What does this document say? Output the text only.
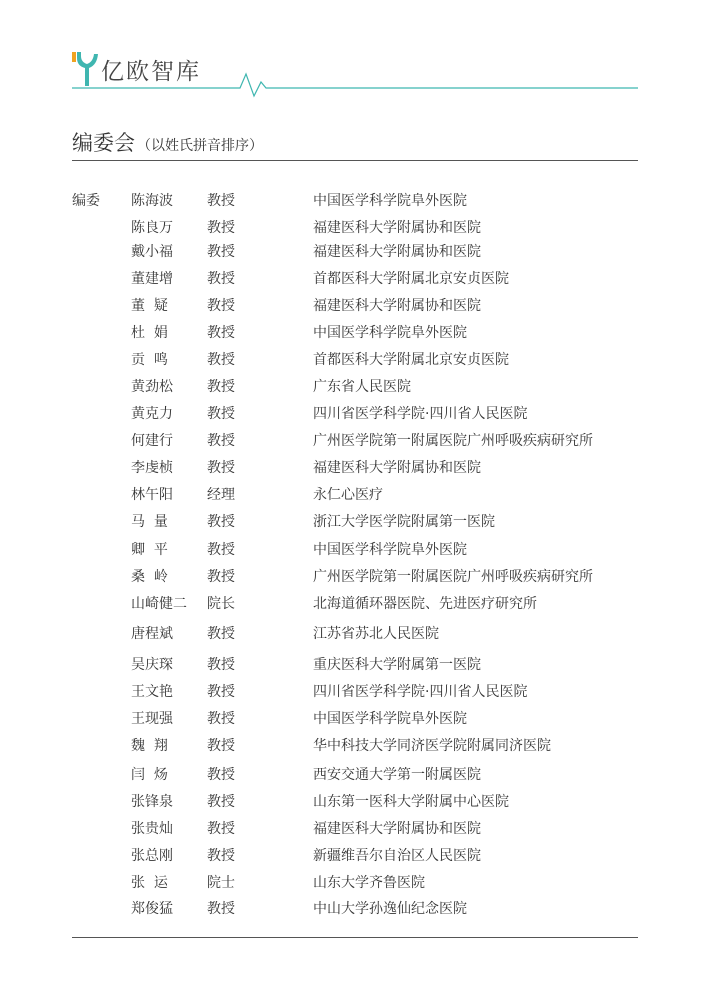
亿欧智库
编委会 （以姓氏拼音排序）
编委 陈海波 教授	中国医学科学院阜外医院
陈良万 教授	福建医科大学附属协和医院
戴小福 教授	福建医科大学附属协和医院
董建增 教授	首都医科大学附属北京安贞医院
董  疑	教授	福建医科大学附属协和医院
杜  娟	教授	中国医学科学院阜外医院
贡  鸣	教授	首都医科大学附属北京安贞医院
黄劲松 教授	广东省人民医院
黄克力 教授	四川省医学科学院·四川省人民医院
何建行 教授	广州医学院第一附属医院广州呼吸疾病研究所
李虔桢 教授	福建医科大学附属协和医院
林午阳 经理	永仁心医疗
马  量	教授	浙江大学医学院附属第一医院
卿  平	教授	中国医学科学院阜外医院
桑  岭	教授	广州医学院第一附属医院广州呼吸疾病研究所
山崎健二 院长	北海道循环器医院、先进医疗研究所
唐程斌 教授	江苏省苏北人民医院
吴庆琛 教授	重庆医科大学附属第一医院
王文艳 教授	四川省医学科学院·四川省人民医院
王现强 教授	中国医学科学院阜外医院
魏  翔	教授	华中科技大学同济医学院附属同济医院
闫  炀	教授	西安交通大学第一附属医院
张锋泉 教授	山东第一医科大学附属中心医院
张贵灿 教授	福建医科大学附属协和医院
张总刚 教授	新疆维吾尔自治区人民医院
张  运	院士	山东大学齐鲁医院
郑俊猛 教授	中山大学孙逸仙纪念医院
